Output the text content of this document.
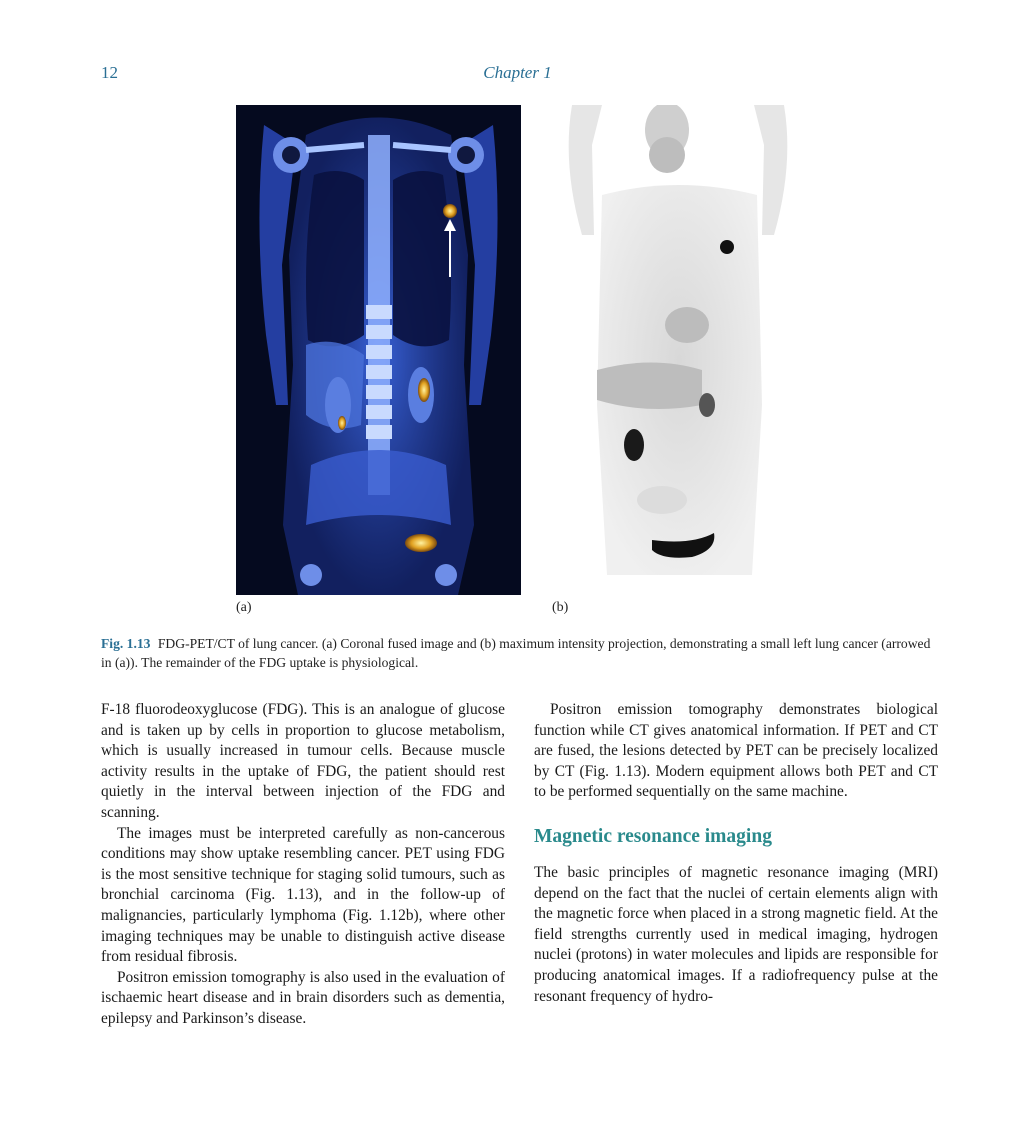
12	Chapter 1
(a)	(b)
Fig. 1.13 FDG-PET/CT of lung cancer. (a) Coronal fused image and (b) maximum intensity projection, demonstrating a small left lung cancer (arrowed in (a)). The remainder of the FDG uptake is physiological.

F-18 fluorodeoxyglucose (FDG). This is an analogue of glucose and is taken up by cells in proportion to glucose metabolism, which is usually increased in tumour cells. Because muscle activity results in the uptake of FDG, the patient should rest quietly in the interval between injection of the FDG and scanning.

The images must be interpreted carefully as non-cancerous conditions may show uptake resembling cancer. PET using FDG is the most sensitive technique for staging solid tumours, such as bronchial carcinoma (Fig. 1.13), and in the follow-up of malignancies, particularly lymphoma (Fig. 1.12b), where other imaging techniques may be unable to distinguish active disease from residual fibrosis.

Positron emission tomography is also used in the evaluation of ischaemic heart disease and in brain disorders such as dementia, epilepsy and Parkinson’s disease.

Positron emission tomography demonstrates biological function while CT gives anatomical information. If PET and CT are fused, the lesions detected by PET can be precisely localized by CT (Fig. 1.13). Modern equipment allows both PET and CT to be performed sequentially on the same machine.

Magnetic resonance imaging

The basic principles of magnetic resonance imaging (MRI) depend on the fact that the nuclei of certain elements align with the magnetic force when placed in a strong magnetic field. At the field strengths currently used in medical imaging, hydrogen nuclei (protons) in water molecules and lipids are responsible for producing anatomical images. If a radiofrequency pulse at the resonant frequency of hydro-
